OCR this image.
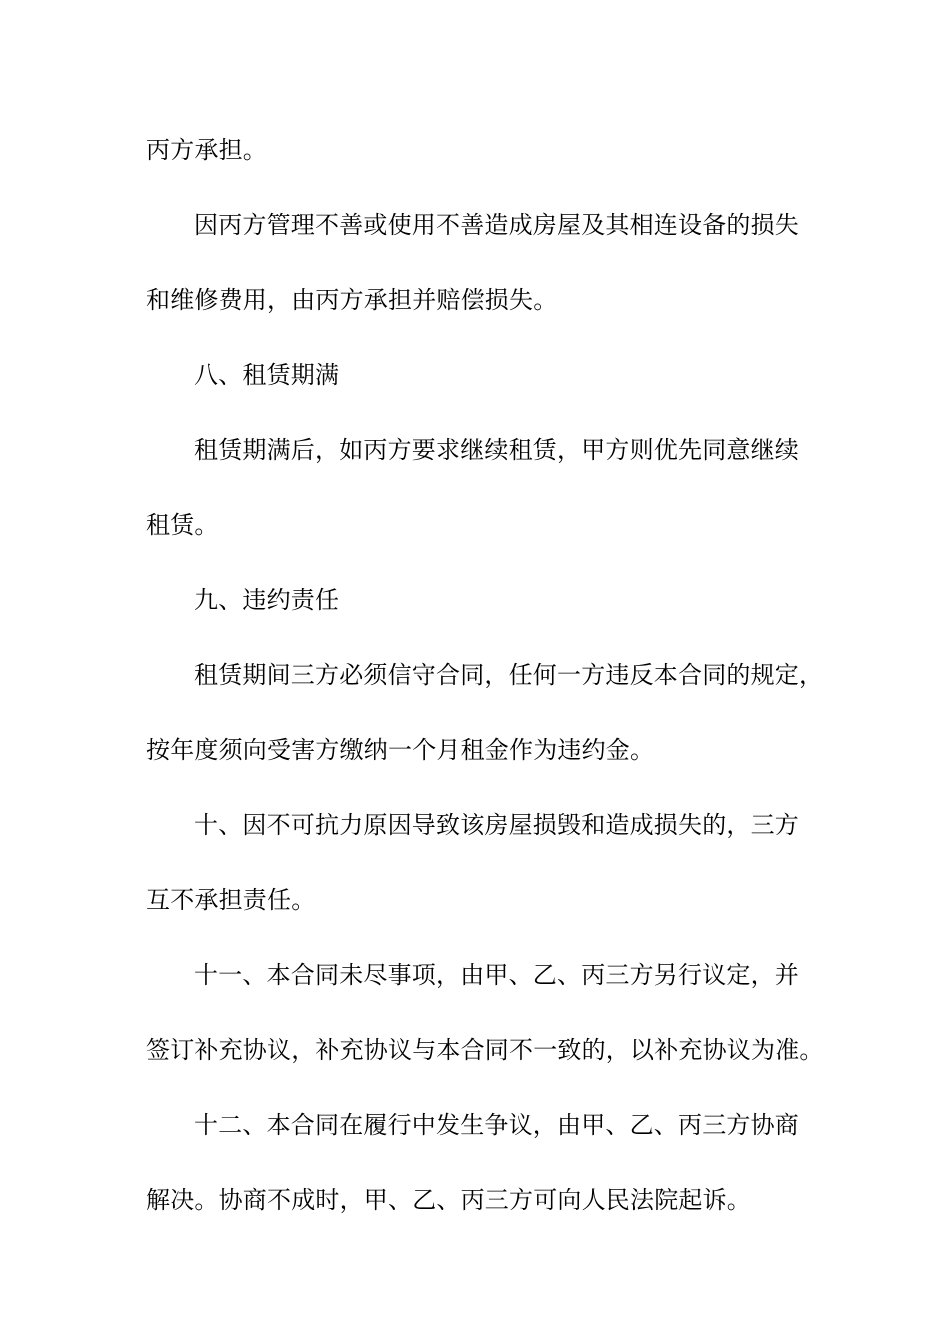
丙方承担。
因丙方管理不善或使用不善造成房屋及其相连设备的损失
和维修费用，由丙方承担并赔偿损失。
八、租赁期满
租赁期满后，如丙方要求继续租赁，甲方则优先同意继续
租赁。
九、违约责任
租赁期间三方必须信守合同，任何一方违反本合同的规定，
按年度须向受害方缴纳一个月租金作为违约金。
十、因不可抗力原因导致该房屋损毁和造成损失的，三方
互不承担责任。
十一、本合同未尽事项，由甲、乙、丙三方另行议定，并
签订补充协议，补充协议与本合同不一致的，以补充协议为准。
十二、本合同在履行中发生争议，由甲、乙、丙三方协商
解决。协商不成时，甲、乙、丙三方可向人民法院起诉。
